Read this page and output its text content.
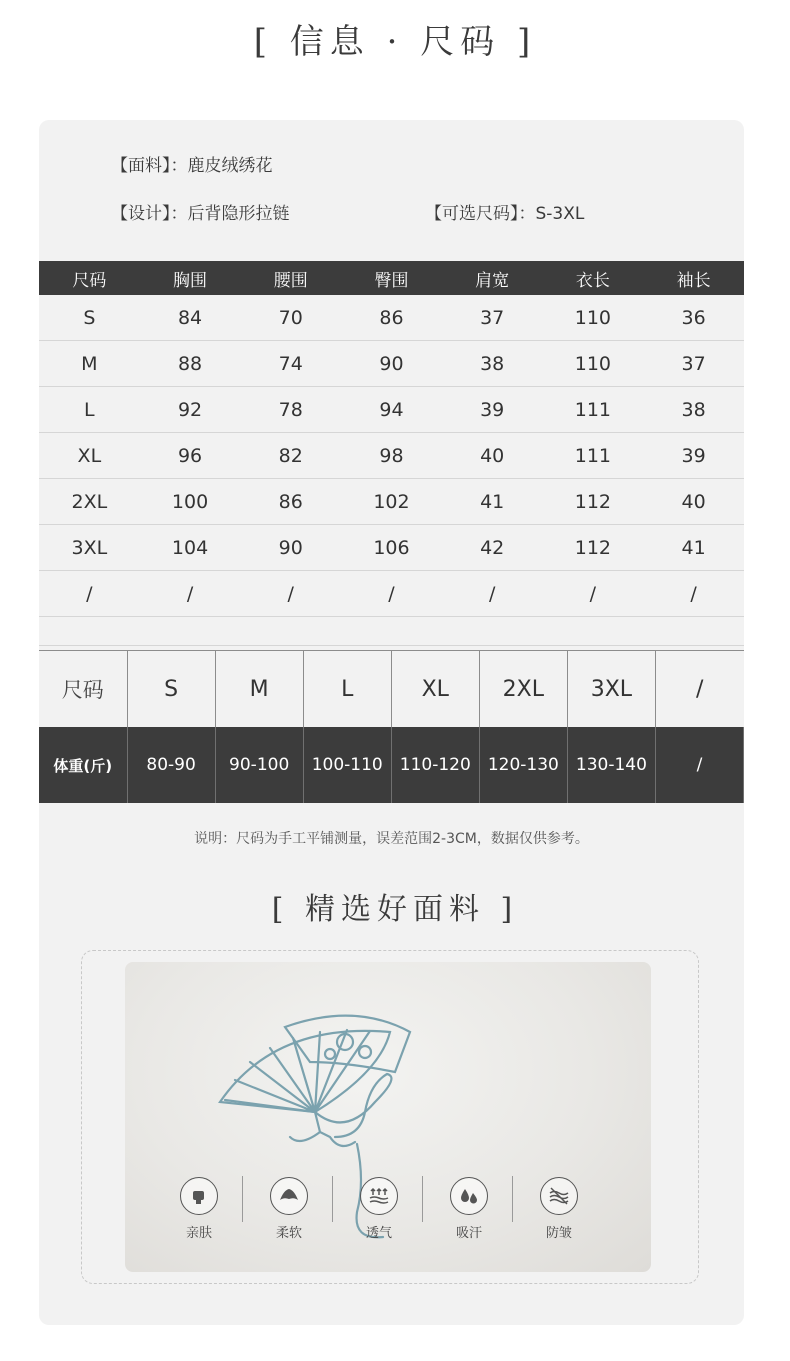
[ 信息 · 尺码 ]
【面料】：鹿皮绒绣花
【设计】：后背隐形拉链	【可选尺码】：S-3XL
尺码	胸围	腰围	臀围	肩宽	衣长	袖长
S	84	70	86	37	110	36
M	88	74	90	38	110	37
L	92	78	94	39	111	38
XL	96	82	98	40	111	39
2XL	100	86	102	41	112	40
3XL	104	90	106	42	112	41
/	/	/	/	/	/	/

尺码	S	M	L	XL	2XL	3XL	/
体重(斤)	80-90	90-100	100-110	110-120	120-130	130-140	/
说明：尺码为手工平铺测量，误差范围2-3CM，数据仅供参考。
亲肤	柔软	透气	吸汗	防皱
[ 精选好面料 ]
